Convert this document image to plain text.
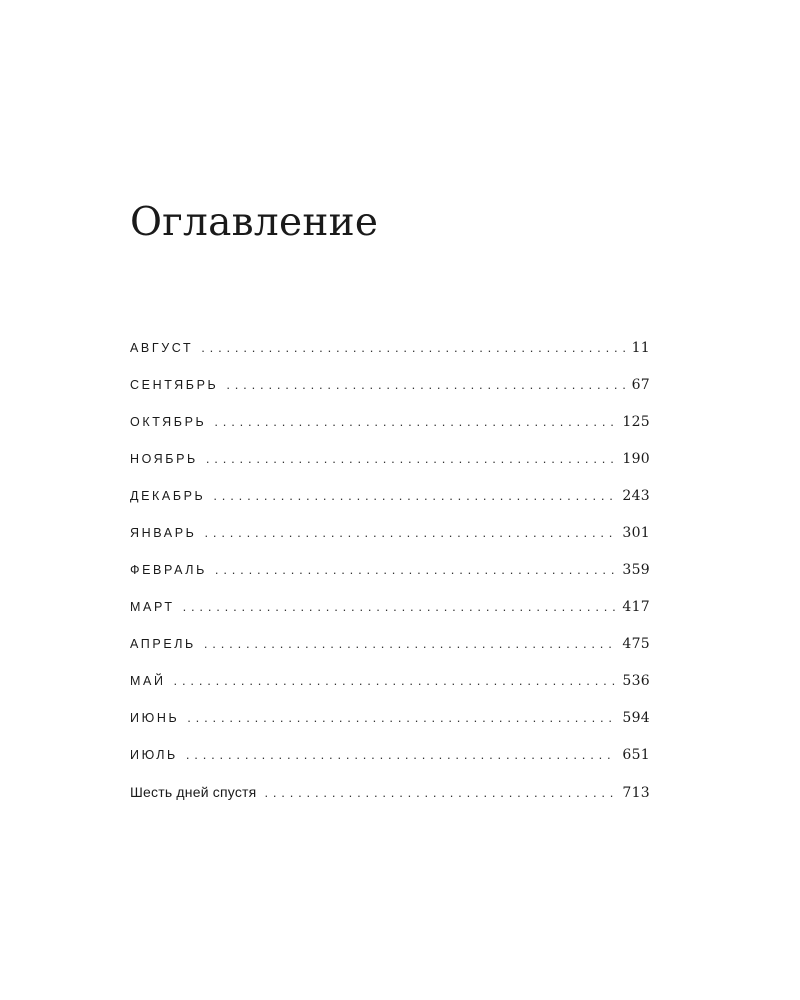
Оглавление
АВГУСТ . . .	11
СЕНТЯБРЬ . . .	67
ОКТЯБРЬ . . .	125
НОЯБРЬ . . .	190
ДЕКАБРЬ . . .	243
ЯНВАРЬ . . .	301
ФЕВРАЛЬ . . .	359
МАРТ . . .	417
АПРЕЛЬ . . .	475
МАЙ . . .	536
ИЮНЬ . . .	594
ИЮЛЬ . . .	651
Шесть дней спустя . . .	713
